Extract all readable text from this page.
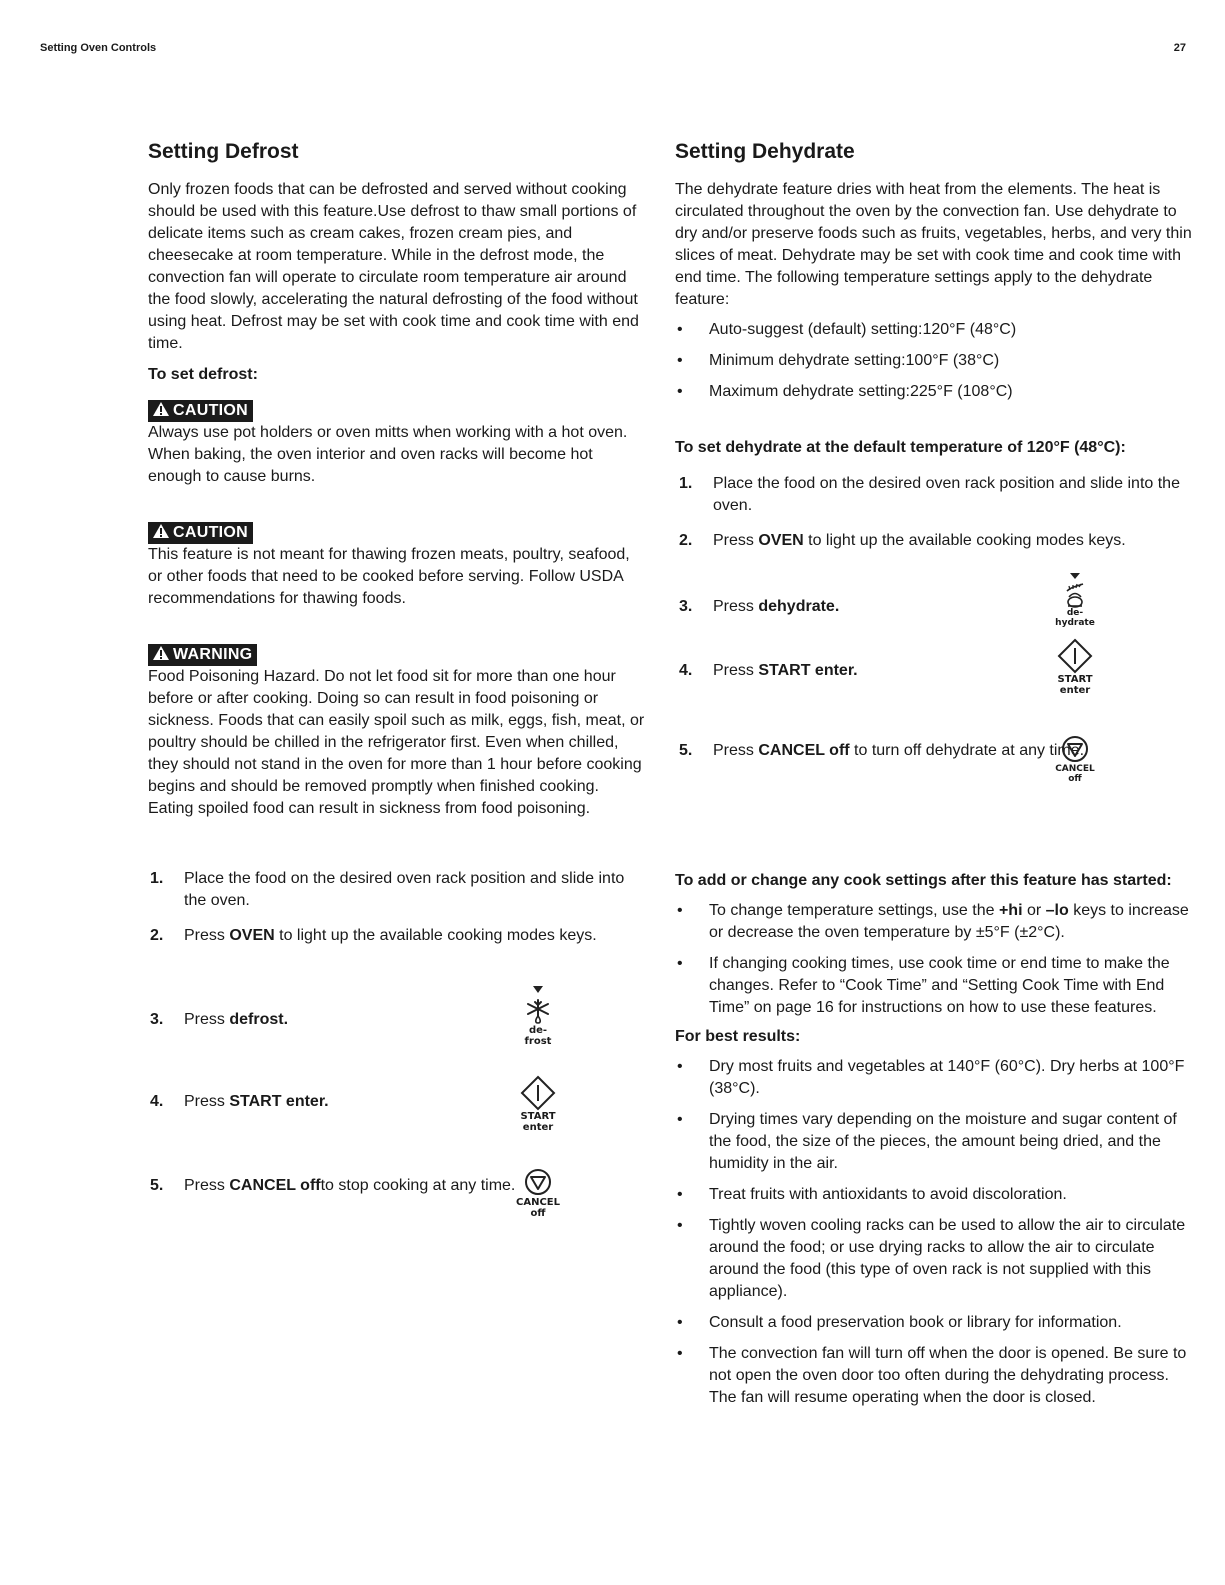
Setting Oven Controls	27
Setting Defrost

Only frozen foods that can be defrosted and served without cooking should be used with this feature.Use defrost to thaw small portions of delicate items such as cream cakes, frozen cream pies, and cheesecake at room temperature. While in the defrost mode, the convection fan will operate to circulate room temperature air around the food slowly, accelerating the natural defrosting of the food without using heat. Defrost may be set with cook time and cook time with end time.

To set defrost:
CAUTION

Always use pot holders or oven mitts when working with a hot oven. When baking, the oven interior and oven racks will become hot enough to cause burns.

CAUTION

This feature is not meant for thawing frozen meats, poultry, seafood, or other foods that need to be cooked before serving. Follow USDA recommendations for thawing foods.

WARNING

Food Poisoning Hazard. Do not let food sit for more than one hour before or after cooking. Doing so can result in food poisoning or sickness. Foods that can easily spoil such as milk, eggs, fish, meat, or poultry should be chilled in the refrigerator first. Even when chilled, they should not stand in the oven for more than 1 hour before cooking begins and should be removed promptly when finished cooking. Eating spoiled food can result in sickness from food poisoning.

1. Place the food on the desired oven rack position and slide into the oven.
2. Press OVEN to light up the available cooking modes keys.
3. Press defrost.
de-
frost
4. Press START enter.
START
enter
5. Press CANCEL offto stop cooking at any time.
CANCEL
off
Setting Dehydrate

The dehydrate feature dries with heat from the elements. The heat is circulated throughout the oven by the convection fan. Use dehydrate to dry and/or preserve foods such as fruits, vegetables, herbs, and very thin slices of meat. Dehydrate may be set with cook time and cook time with end time. The following temperature settings apply to the dehydrate feature:

• Auto-suggest (default) setting:120°F (48°C)
• Minimum dehydrate setting:100°F (38°C)
• Maximum dehydrate setting:225°F (108°C)
To set dehydrate at the default temperature of 120°F (48°C):
1. Place the food on the desired oven rack position and slide into the oven.
2. Press OVEN to light up the available cooking modes keys.
3. Press dehydrate.	de-
hydrate
4. Press START enter.
START
enter
5. Press CANCEL off to turn off dehydrate at any time.
CANCEL
off
To add or change any cook settings after this feature has started:
• To change temperature settings, use the +hi or –lo keys to increase or decrease the oven temperature by ±5°F (±2°C).
• If changing cooking times, use cook time or end time to make the changes. Refer to “Cook Time” and “Setting Cook Time with End Time” on page 16 for instructions on how to use these features.
For best results:
• Dry most fruits and vegetables at 140°F (60°C). Dry herbs at 100°F (38°C).
• Drying times vary depending on the moisture and sugar content of the food, the size of the pieces, the amount being dried, and the humidity in the air.
• Treat fruits with antioxidants to avoid discoloration.
• Tightly woven cooling racks can be used to allow the air to circulate around the food; or use drying racks to allow the air to circulate around the food (this type of oven rack is not supplied with this appliance).
• Consult a food preservation book or library for information.
• The convection fan will turn off when the door is opened. Be sure to not open the oven door too often during the dehydrating process. The fan will resume operating when the door is closed.
